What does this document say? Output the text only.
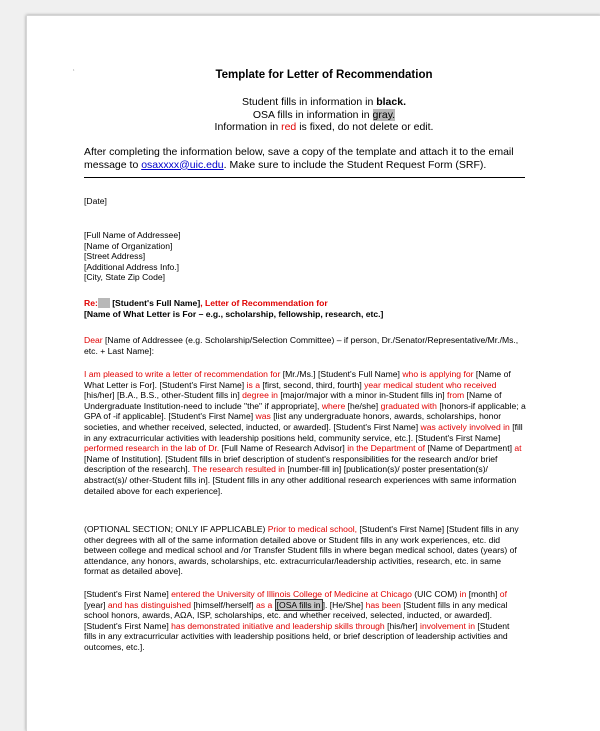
‘	Template for Letter of Recommendation
Student fills in information in black.
OSA fills in information in gray.
Information in red is fixed, do not delete or edit.
After completing the information below, save a copy of the template and attach it to the email message to osaxxxx@uic.edu. Make sure to include the Student Request Form (SRF).
[Date]
[Full Name of Addressee]
[Name of Organization]
[Street Address]
[Additional Address Info.]
[City, State Zip Code]
Re:      [Student's Full Name], Letter of Recommendation for
[Name of What Letter is For – e.g., scholarship, fellowship, research, etc.]
Dear [Name of Addressee (e.g. Scholarship/Selection Committee) – if person, Dr./Senator/Representative/Mr./Ms., etc. + Last Name]:
I am pleased to write a letter of recommendation for [Mr./Ms.] [Student's Full Name] who is applying for [Name of What Letter is For]. [Student's First Name] is a [first, second, third, fourth] year medical student who received [his/her] [B.A., B.S., other-Student fills in] degree in [major/major with a minor in-Student fills in] from [Name of Undergraduate Institution-need to include "the" if appropriate], where [he/she] graduated with [honors-if applicable; a GPA of -if applicable]. [Student's First Name] was [list any undergraduate honors, awards, scholarships, honor societies, and whether received, selected, inducted, or awarded]. [Student's First Name] was actively involved in [fill in any extracurricular activities with leadership positions held, community service, etc.]. [Student's First Name] performed research in the lab of Dr. [Full Name of Research Advisor] in the Department of [Name of Department] at [Name of Institution]. [Student fills in brief description of student's responsibilities for the research and/or brief description of the research]. The research resulted in [number-fill in] [publication(s)/ poster presentation(s)/ abstract(s)/ other-Student fills in]. [Student fills in any other additional research experiences with same information detailed above for each experience].
(OPTIONAL SECTION; ONLY IF APPLICABLE) Prior to medical school, [Student's First Name] [Student fills in any other degrees with all of the same information detailed above or Student fills in any work experiences, etc. did between college and medical school and /or Transfer Student fills in where began medical school, dates (years) of attendance, any honors, awards, scholarships, etc. extracurricular/leadership activities, research, etc. in same format as detailed above].
[Student's First Name] entered the University of Illinois College of Medicine at Chicago (UIC COM) in [month] of [year] and has distinguished [himself/herself] as a [OSA fills in ]. [He/She] has been [Student fills in any medical school honors, awards, AΩA, ISP, scholarships, etc. and whether received, selected, inducted, or awarded]. [Student's First Name] has demonstrated initiative and leadership skills through [his/her] involvement in [Student fills in any extracurricular activities with leadership positions held, or brief description of leadership activities and outcomes, etc.].
